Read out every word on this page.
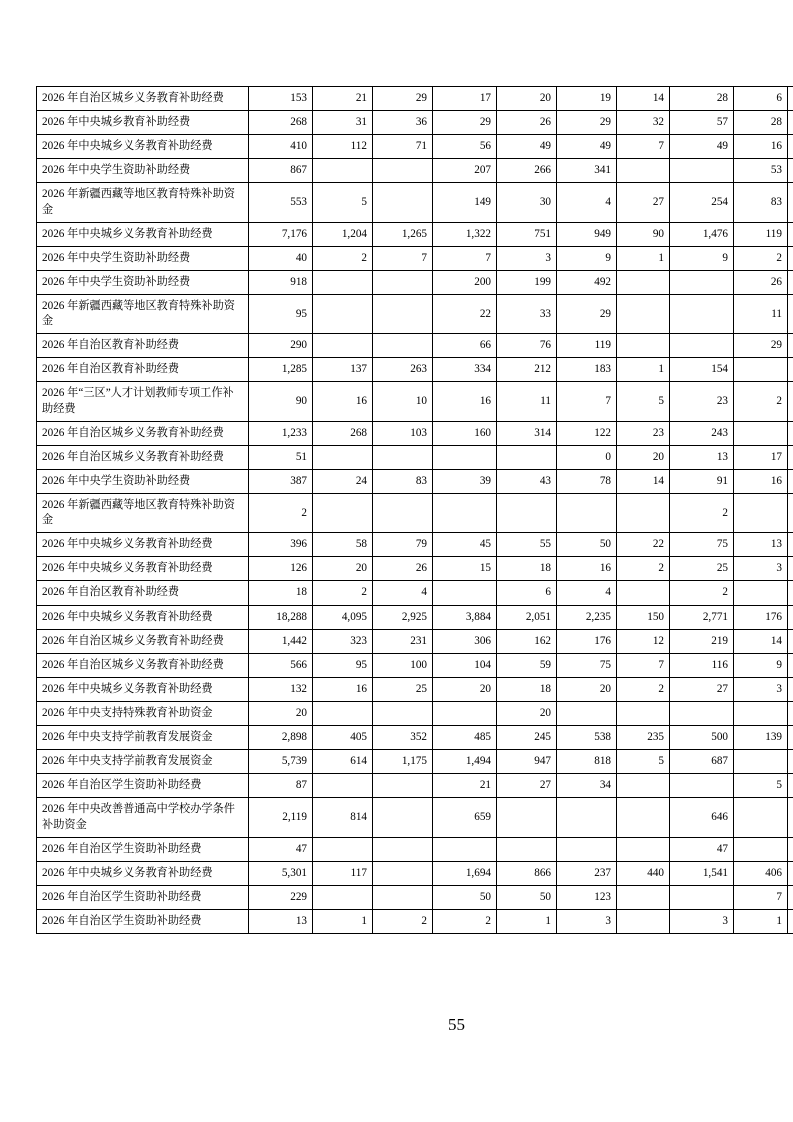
2026 年自治区城乡义务教育补助经费	153	21	29	17	20	19	14	28	6	
2026 年中央城乡教育补助经费	268	31	36	29	26	29	32	57	28	
2026 年中央城乡义务教育补助经费	410	112	71	56	49	49	7	49	16	
2026 年中央学生资助补助经费	867			207	266	341			53	
2026 年新疆西藏等地区教育特殊补助资金	553	5		149	30	4	27	254	83	
2026 年中央城乡义务教育补助经费	7,176	1,204	1,265	1,322	751	949	90	1,476	119	
2026 年中央学生资助补助经费	40	2	7	7	3	9	1	9	2	
2026 年中央学生资助补助经费	918			200	199	492			26	
2026 年新疆西藏等地区教育特殊补助资金	95			22	33	29			11	
2026 年自治区教育补助经费	290			66	76	119			29	
2026 年自治区教育补助经费	1,285	137	263	334	212	183	1	154		
2026 年“三区”人才计划教师专项工作补助经费	90	16	10	16	11	7	5	23	2	
2026 年自治区城乡义务教育补助经费	1,233	268	103	160	314	122	23	243		
2026 年自治区城乡义务教育补助经费	51					0	20	13	17	
2026 年中央学生资助补助经费	387	24	83	39	43	78	14	91	16	
2026 年新疆西藏等地区教育特殊补助资金	2							2		
2026 年中央城乡义务教育补助经费	396	58	79	45	55	50	22	75	13	
2026 年中央城乡义务教育补助经费	126	20	26	15	18	16	2	25	3	
2026 年自治区教育补助经费	18	2	4		6	4		2		
2026 年中央城乡义务教育补助经费	18,288	4,095	2,925	3,884	2,051	2,235	150	2,771	176	
2026 年自治区城乡义务教育补助经费	1,442	323	231	306	162	176	12	219	14	
2026 年自治区城乡义务教育补助经费	566	95	100	104	59	75	7	116	9	
2026 年中央城乡义务教育补助经费	132	16	25	20	18	20	2	27	3	
2026 年中央支持特殊教育补助资金	20				20					
2026 年中央支持学前教育发展资金	2,898	405	352	485	245	538	235	500	139	
2026 年中央支持学前教育发展资金	5,739	614	1,175	1,494	947	818	5	687		
2026 年自治区学生资助补助经费	87			21	27	34			5	
2026 年中央改善普通高中学校办学条件补助资金	2,119	814		659				646		
2026 年自治区学生资助补助经费	47							47		
2026 年中央城乡义务教育补助经费	5,301	117		1,694	866	237	440	1,541	406	
2026 年自治区学生资助补助经费	229			50	50	123			7	
2026 年自治区学生资助补助经费	13	1	2	2	1	3		3	1	
55
